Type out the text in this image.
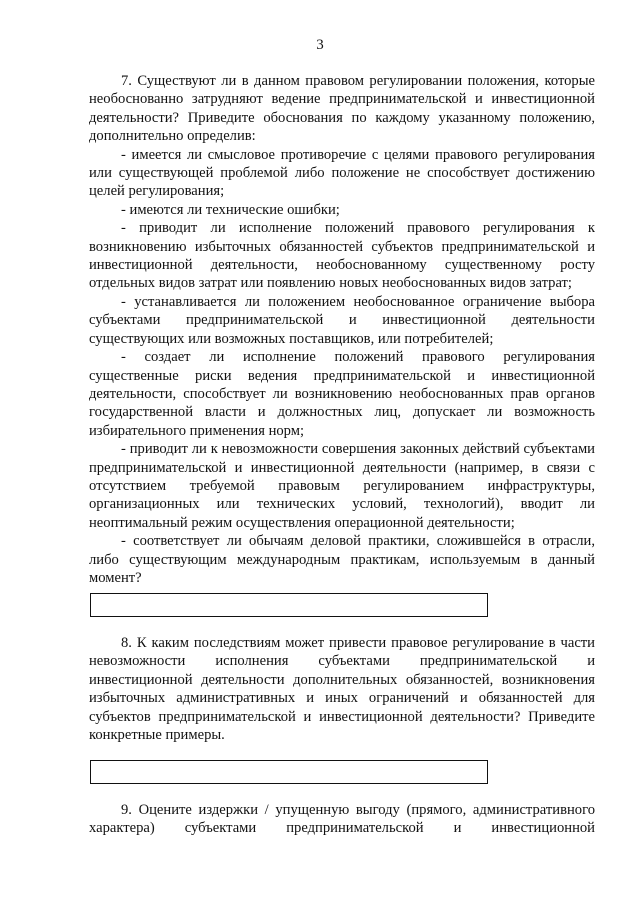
3

7. Существуют ли в данном правовом регулировании положения, которые необоснованно затрудняют ведение предпринимательской и инвестиционной деятельности? Приведите обоснования по каждому указанному положению, дополнительно определив:

- имеется ли смысловое противоречие с целями правового регулирования или существующей проблемой либо положение не способствует достижению целей регулирования;

- имеются ли технические ошибки;

- приводит ли исполнение положений правового регулирования к возникновению избыточных обязанностей субъектов предпринимательской и инвестиционной деятельности, необоснованному существенному росту отдельных видов затрат или появлению новых необоснованных видов затрат;

- устанавливается ли положением необоснованное ограничение выбора субъектами предпринимательской и инвестиционной деятельности существующих или возможных поставщиков, или потребителей;

- создает ли исполнение положений правового регулирования существенные риски ведения предпринимательской и инвестиционной деятельности, способствует ли возникновению необоснованных прав органов государственной власти и должностных лиц, допускает ли возможность избирательного применения норм;

- приводит ли к невозможности совершения законных действий субъектами предпринимательской и инвестиционной деятельности (например, в связи с отсутствием требуемой правовым регулированием инфраструктуры, организационных или технических условий, технологий), вводит ли неоптимальный режим осуществления операционной деятельности;

- соответствует ли обычаям деловой практики, сложившейся в отрасли, либо существующим международным практикам, используемым в данный момент?

8. К каким последствиям может привести правовое регулирование в части невозможности исполнения субъектами предпринимательской и инвестиционной деятельности дополнительных обязанностей, возникновения избыточных административных и иных ограничений и обязанностей для субъектов предпринимательской и инвестиционной деятельности? Приведите конкретные примеры.

9. Оцените издержки / упущенную выгоду (прямого, административного характера) субъектами предпринимательской и инвестиционной
